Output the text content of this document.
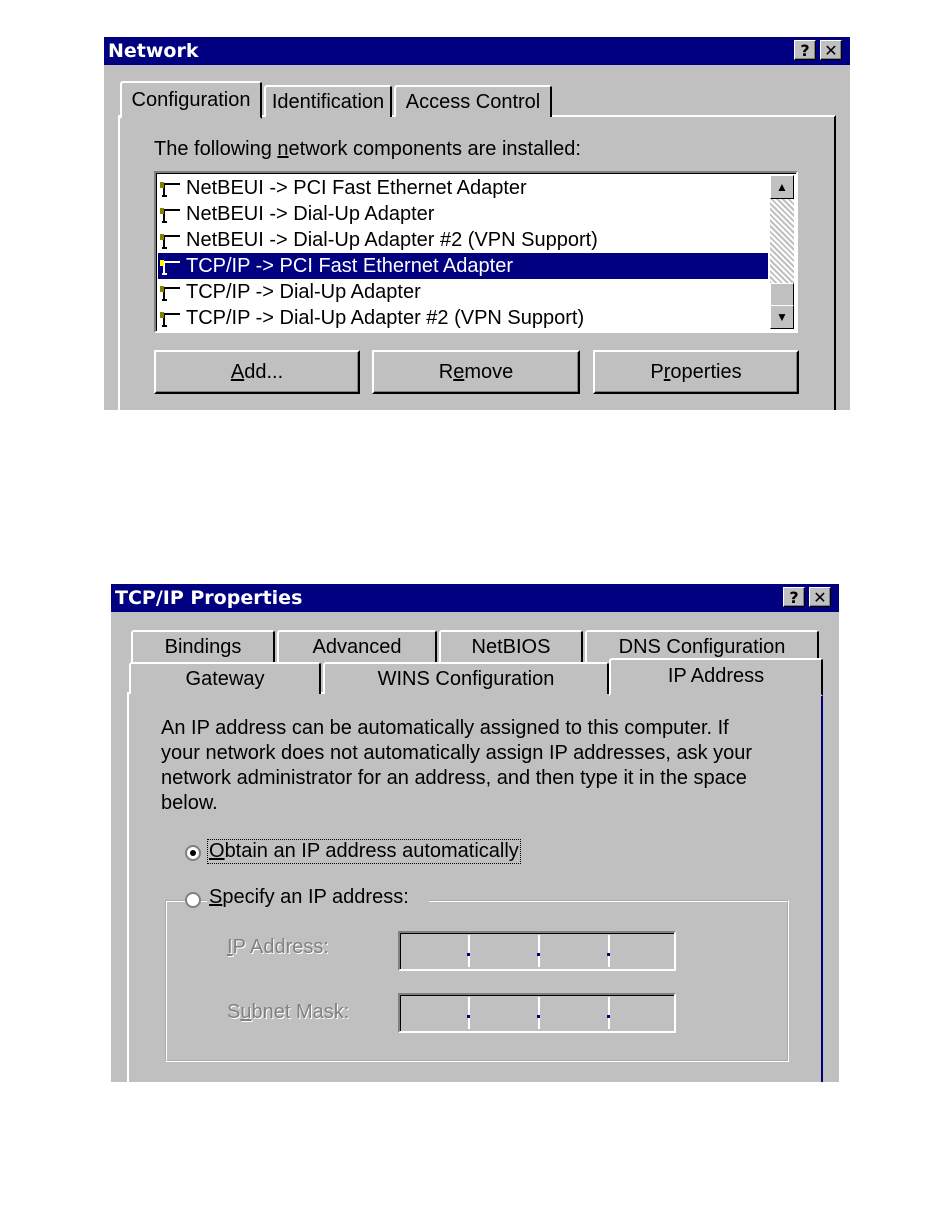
Network	? ✕
Configuration	Identification	Access Control
The following network components are installed:
NetBEUI -> PCI Fast Ethernet Adapter
NetBEUI -> Dial-Up Adapter
NetBEUI -> Dial-Up Adapter #2 (VPN Support)
TCP/IP -> PCI Fast Ethernet Adapter
TCP/IP -> Dial-Up Adapter
TCP/IP -> Dial-Up Adapter #2 (VPN Support)
▲
▼
Add...	Remove	Properties
TCP/IP Properties	? ✕
Bindings	Advanced	NetBIOS	DNS Configuration
Gateway	WINS Configuration	IP Address
An IP address can be automatically assigned to this computer. If
your network does not automatically assign IP addresses, ask your
network administrator for an address, and then type it in the space
below.
Obtain an IP address automatically
Specify an IP address:
IP Address:
Subnet Mask:
